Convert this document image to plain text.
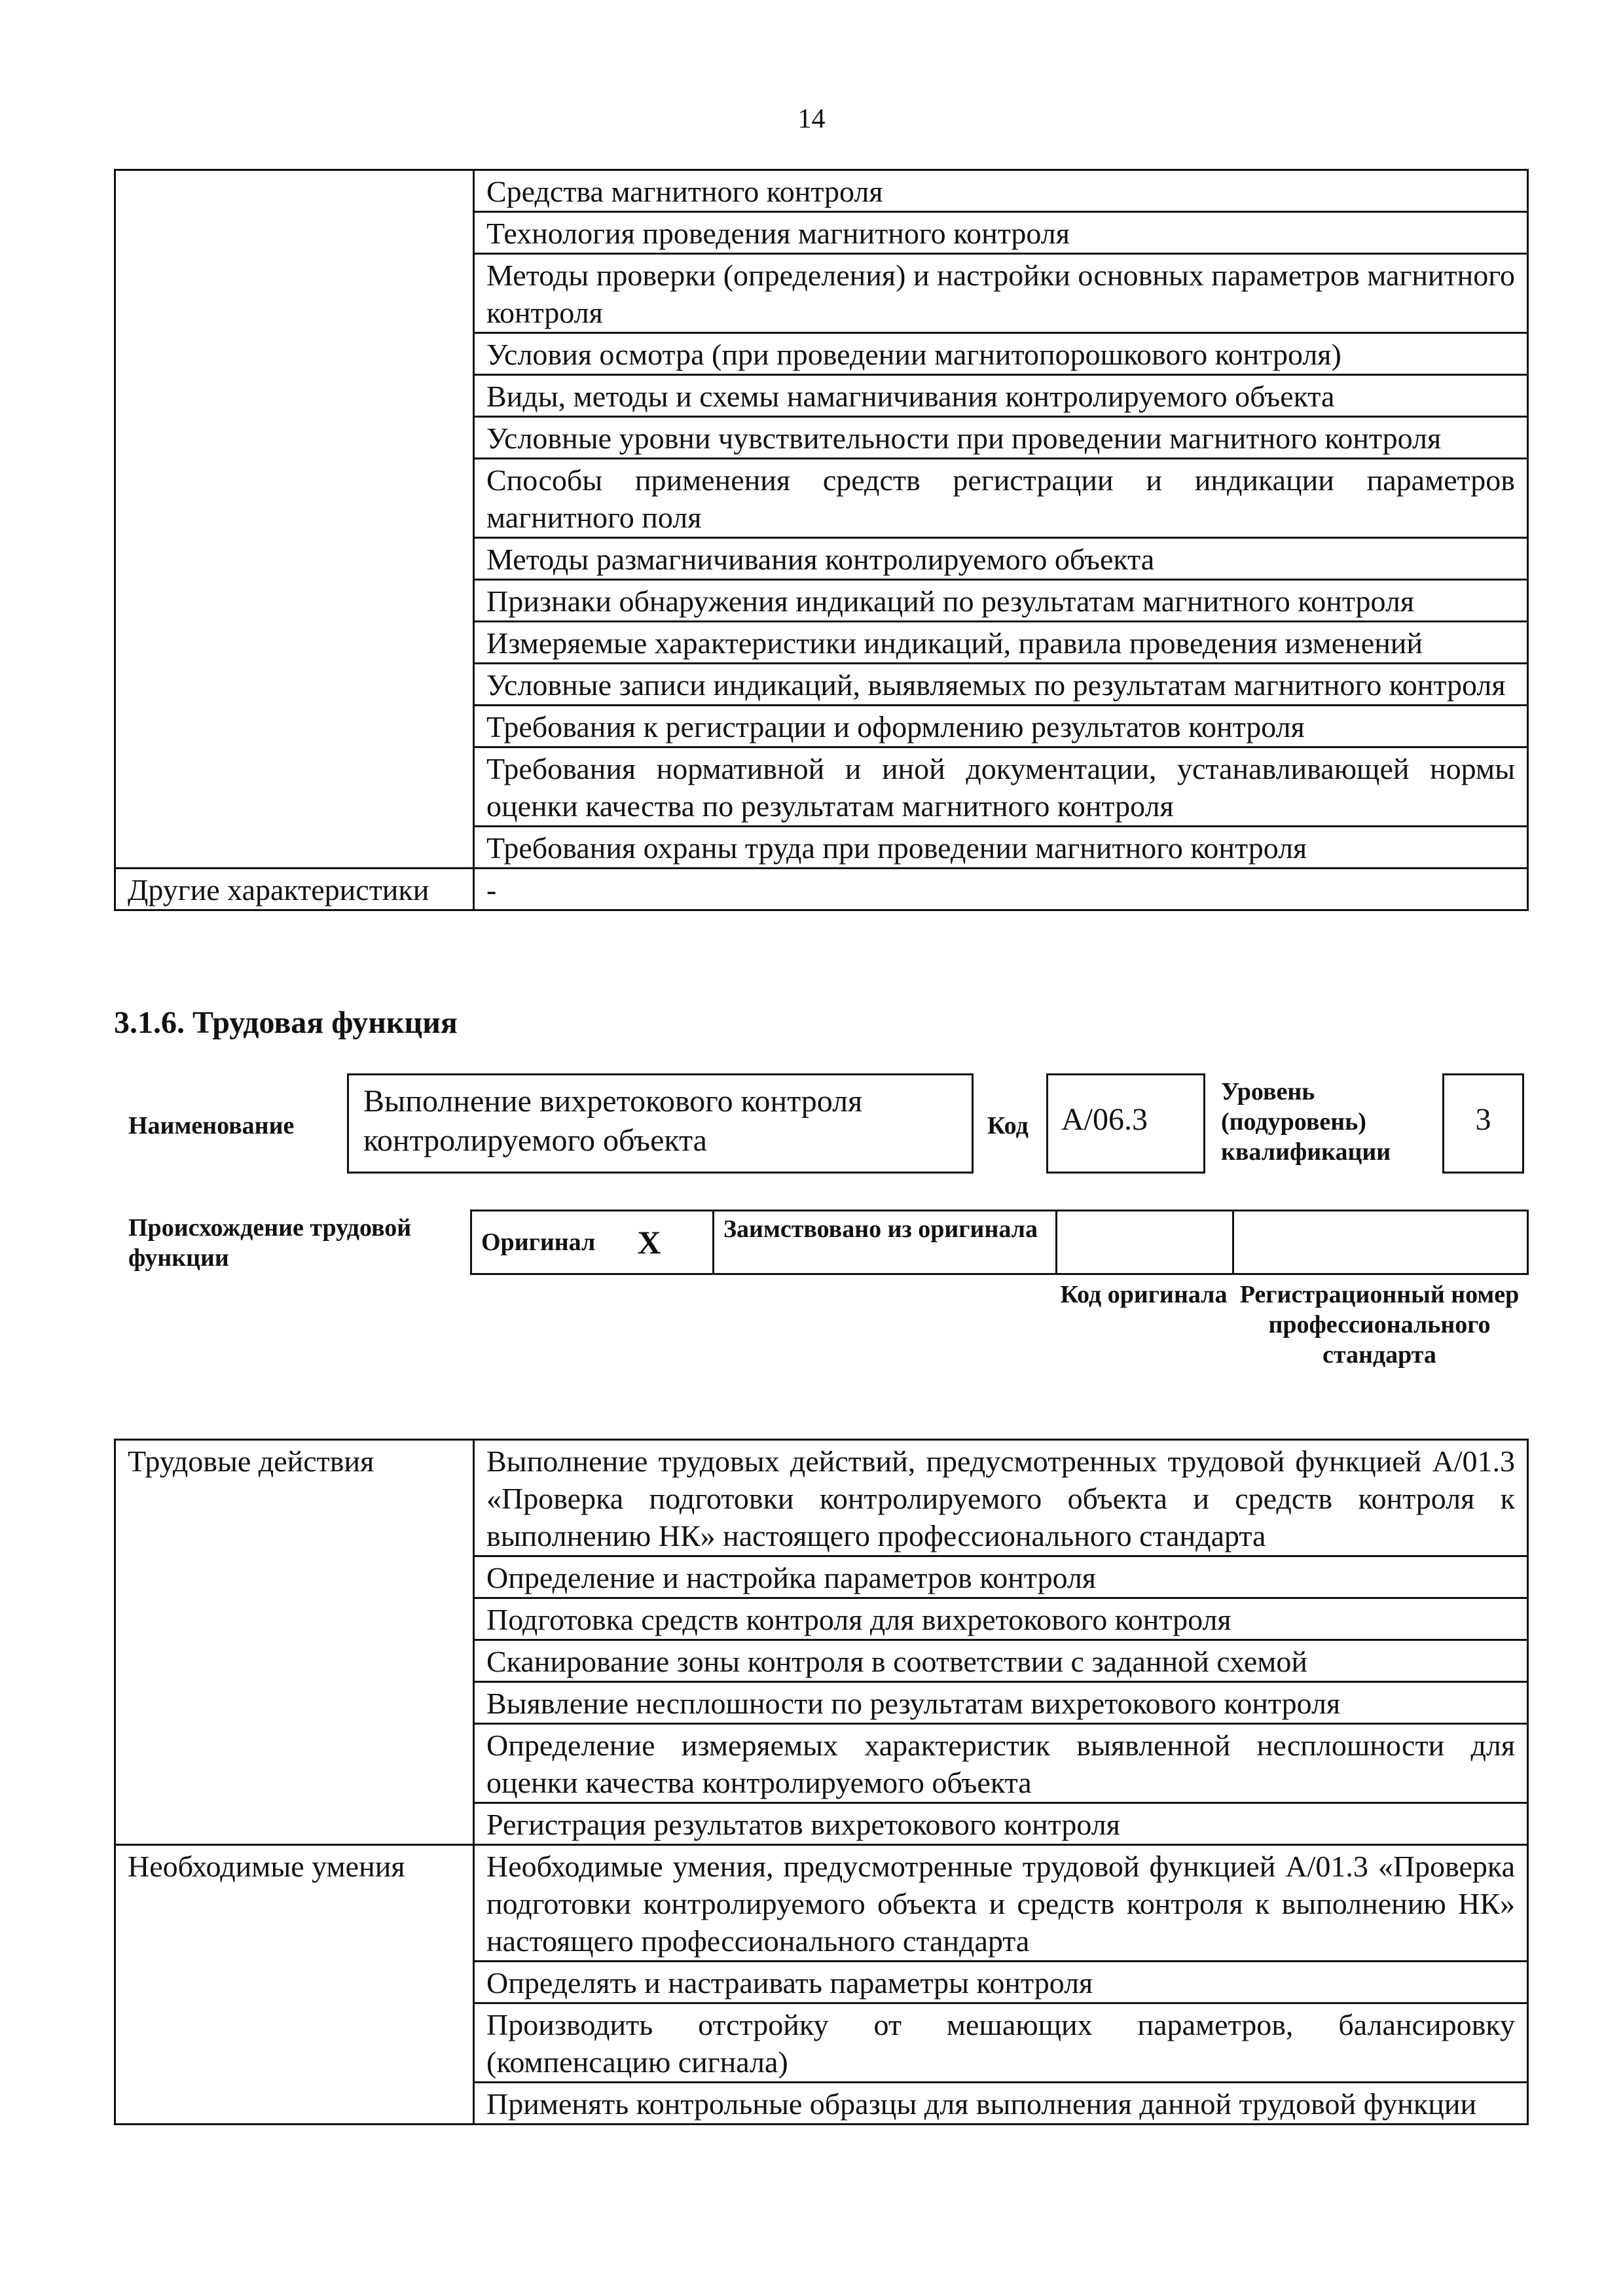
14
	Средства магнитного контроля
	Технология проведения магнитного контроля
	Методы проверки (определения) и настройки основных параметров магнитного контроля
	Условия осмотра (при проведении магнитопорошкового контроля)
	Виды, методы и схемы намагничивания контролируемого объекта
	Условные уровни чувствительности при проведении магнитного контроля
	Способы применения средств регистрации и индикации параметров магнитного поля
	Методы размагничивания контролируемого объекта
	Признаки обнаружения индикаций по результатам магнитного контроля
	Измеряемые характеристики индикаций, правила проведения изменений
	Условные записи индикаций, выявляемых по результатам магнитного контроля
	Требования к регистрации и оформлению результатов контроля
	Требования нормативной и иной документации, устанавливающей нормы оценки качества по результатам магнитного контроля
	Требования охраны труда при проведении магнитного контроля
Другие характеристики	-
3.1.6. Трудовая функция
Наименование
Выполнение вихретокового контроля контролируемого объекта	Код	А/06.3
Уровень (подуровень) квалификации
3
Происхождение трудовой функции
Оригинал	X	Заимствовано из оригинала		
Код оригинала Регистрационный номер профессионального стандарта
Трудовые действия	Выполнение трудовых действий, предусмотренных трудовой функцией А/01.3 «Проверка подготовки контролируемого объекта и средств контроля к выполнению НК» настоящего профессионального стандарта
	Определение и настройка параметров контроля
	Подготовка средств контроля для вихретокового контроля
	Сканирование зоны контроля в соответствии с заданной схемой
	Выявление несплошности по результатам вихретокового контроля
	Определение измеряемых характеристик выявленной несплошности для оценки качества контролируемого объекта
	Регистрация результатов вихретокового контроля
Необходимые умения	Необходимые умения, предусмотренные трудовой функцией А/01.3 «Проверка подготовки контролируемого объекта и средств контроля к выполнению НК» настоящего профессионального стандарта
	Определять и настраивать параметры контроля
	Производить отстройку от мешающих параметров, балансировку (компенсацию сигнала)
	Применять контрольные образцы для выполнения данной трудовой функции
